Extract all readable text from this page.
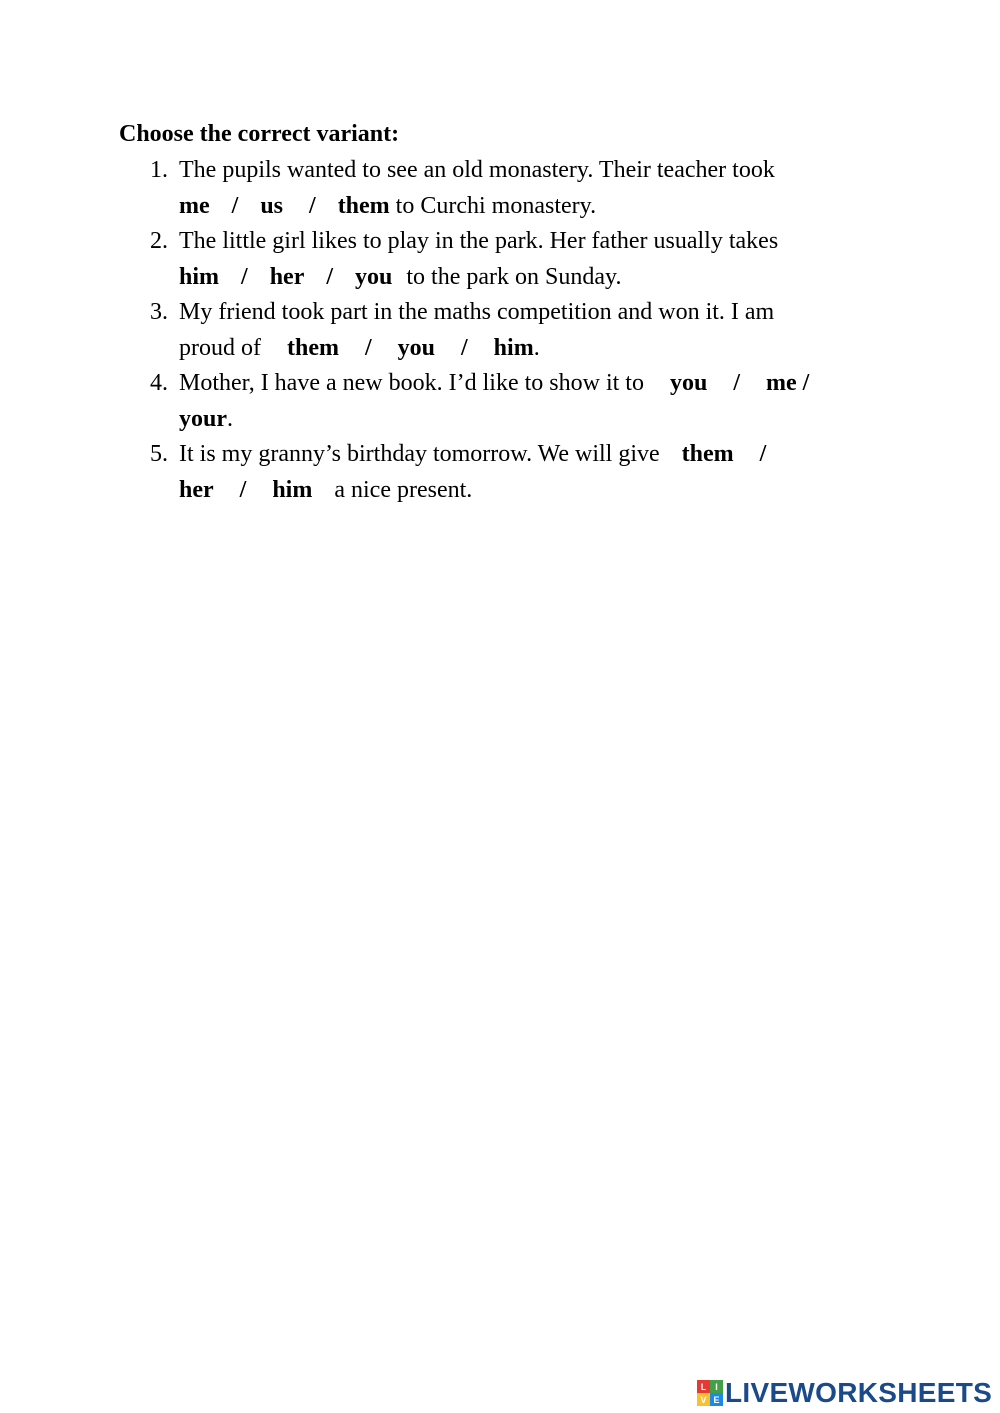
Choose the correct variant:
1. The pupils wanted to see an old monastery. Their teacher took
me / us / them to Curchi monastery.
2. The little girl likes to play in the park. Her father usually takes
him / her / you to the park on Sunday.
3. My friend took part in the maths competition and won it. I am
proud of them / you / him.
4. Mother, I have a new book. I’d like to show it to you / me /
your.
5. It is my granny’s birthday tomorrow. We will give them /
her / him a nice present.
L I
V E LIVEWORKSHEETS
